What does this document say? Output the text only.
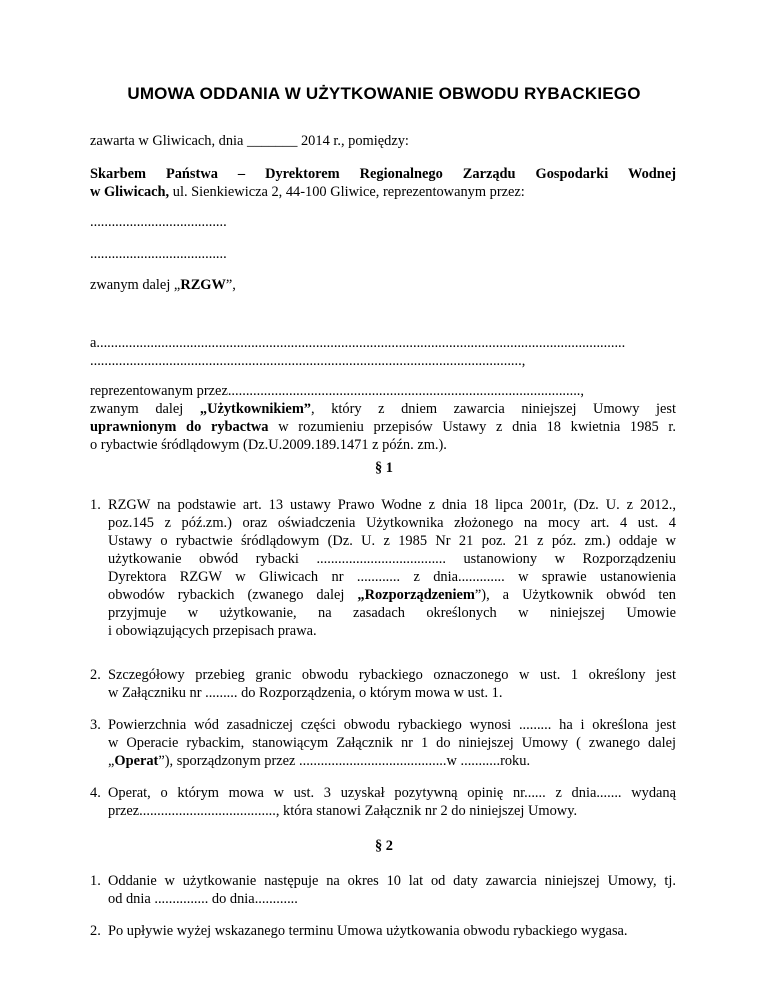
UMOWA ODDANIA W UŻYTKOWANIE OBWODU RYBACKIEGO

zawarta w Gliwicach, dnia _______ 2014 r., pomiędzy:

Skarbem Państwa – Dyrektorem Regionalnego Zarządu Gospodarki Wodnej
w Gliwicach, ul. Sienkiewicza 2, 44-100 Gliwice, reprezentowanym przez:

......................................

......................................

zwanym dalej „RZGW”,

a...................................................................................................................................................
........................................................................................................................,
reprezentowanym przez..................................................................................................,
zwanym dalej „Użytkownikiem”, który z dniem zawarcia niniejszej Umowy jest
uprawnionym do rybactwa w rozumieniu przepisów Ustawy z dnia 18 kwietnia 1985 r.
o rybactwie śródlądowym (Dz.U.2009.189.1471 z późn. zm.).
§ 1
1. RZGW na podstawie art. 13 ustawy Prawo Wodne z dnia 18 lipca 2001r, (Dz. U. z 2012.,
poz.145 z póź.zm.) oraz oświadczenia Użytkownika złożonego na mocy art. 4 ust. 4
Ustawy o rybactwie śródlądowym (Dz. U. z 1985 Nr 21 poz. 21 z póz. zm.) oddaje w
użytkowanie obwód rybacki .................................... ustanowiony w Rozporządzeniu
Dyrektora RZGW w Gliwicach nr ............ z dnia............. w sprawie ustanowienia
obwodów rybackich (zwanego dalej „Rozporządzeniem”), a Użytkownik obwód ten
przyjmuje w użytkowanie, na zasadach określonych w niniejszej Umowie
i obowiązujących przepisach prawa.
2. Szczegółowy przebieg granic obwodu rybackiego oznaczonego w ust. 1 określony jest
w Załączniku nr ......... do Rozporządzenia, o którym mowa w ust. 1.
3. Powierzchnia wód zasadniczej części obwodu rybackiego wynosi ......... ha i określona jest
w Operacie rybackim, stanowiącym Załącznik nr 1 do niniejszej Umowy ( zwanego dalej
„Operat”), sporządzonym przez .........................................w ...........roku.
4. Operat, o którym mowa w ust. 3 uzyskał pozytywną opinię nr...... z dnia....... wydaną
przez......................................, która stanowi Załącznik nr 2 do niniejszej Umowy.
§ 2
1. Oddanie w użytkowanie następuje na okres 10 lat od daty zawarcia niniejszej Umowy, tj.
od dnia ............... do dnia............
2. Po upływie wyżej wskazanego terminu Umowa użytkowania obwodu rybackiego wygasa.
